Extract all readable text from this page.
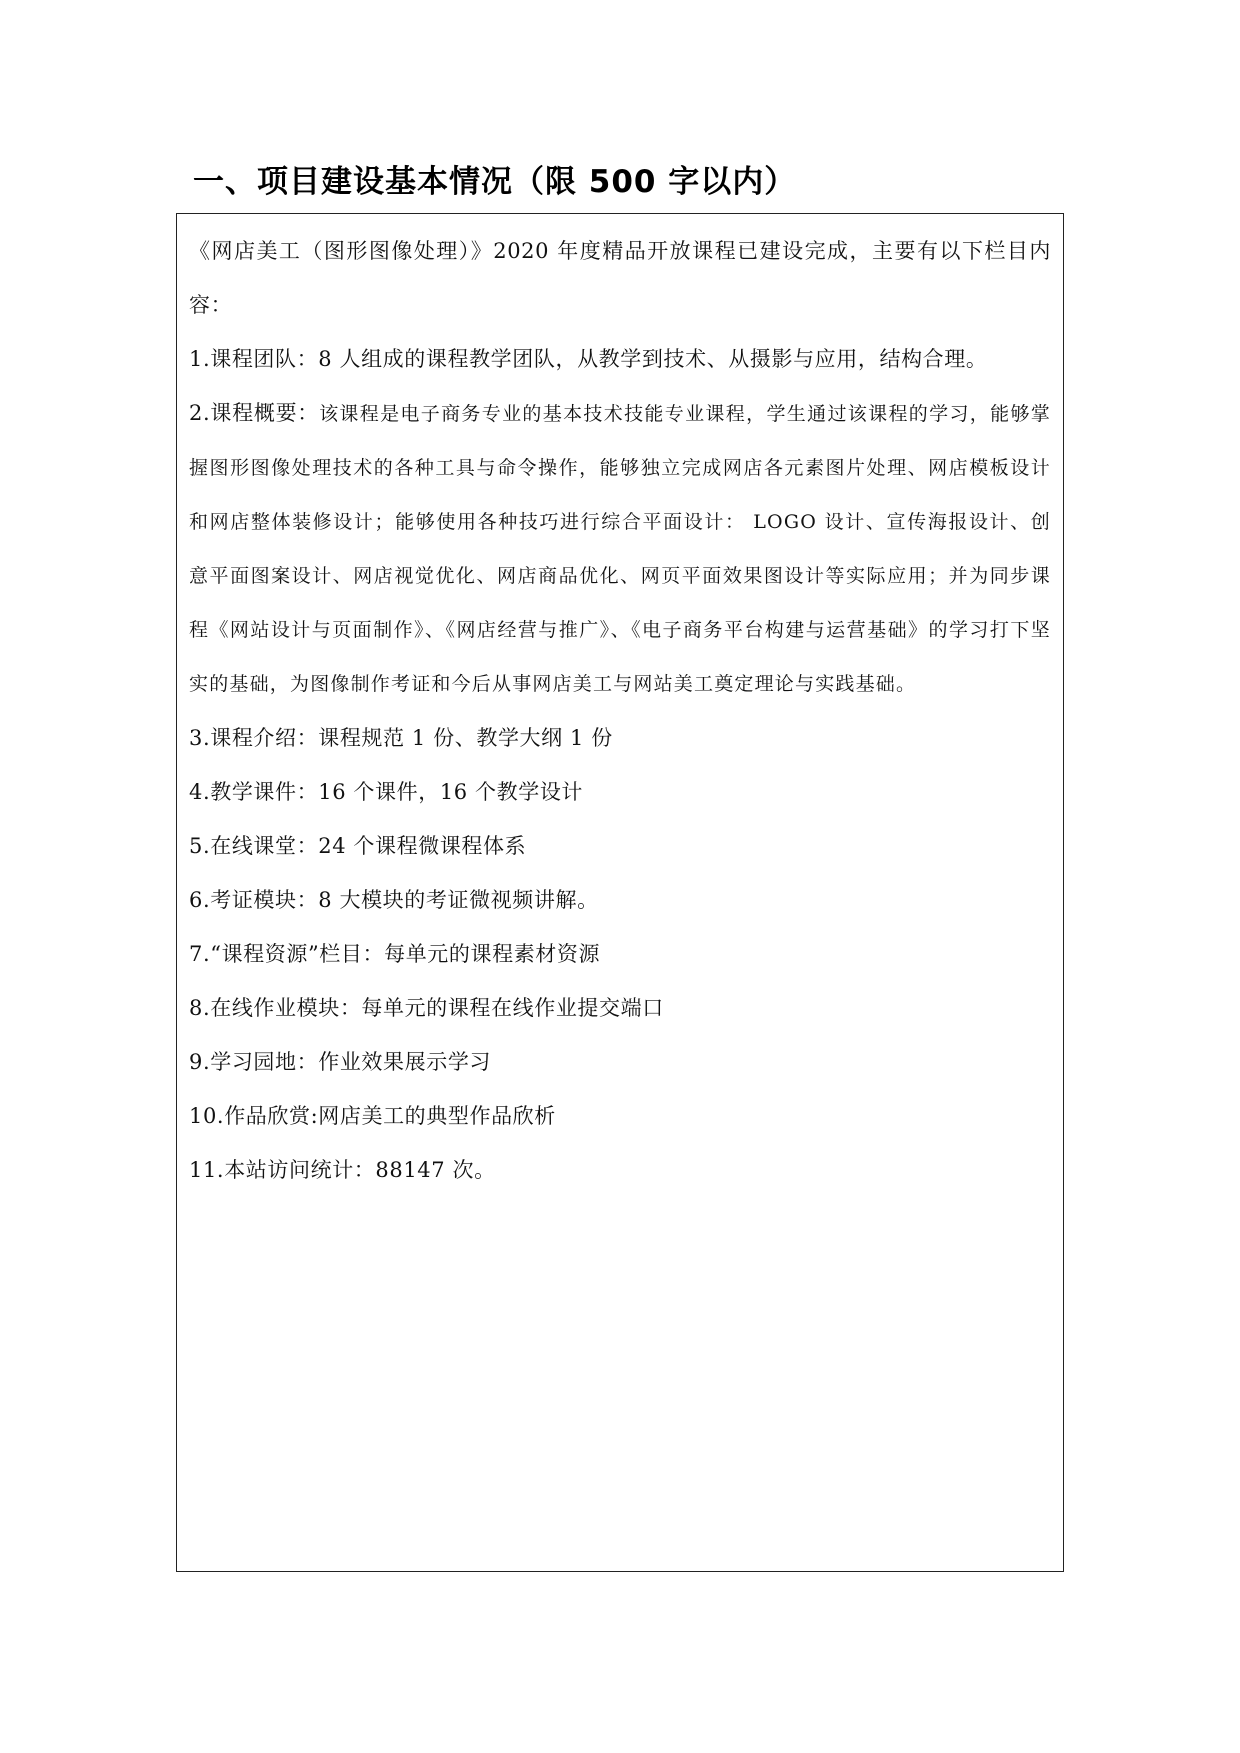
一、项目建设基本情况（限 500 字以内）

《网店美工（图形图像处理）》2020 年度精品开放课程已建设完成，主要有以下栏目内容：

1.课程团队：8 人组成的课程教学团队，从教学到技术、从摄影与应用，结构合理。

2.课程概要：该课程是电子商务专业的基本技术技能专业课程，学生通过该课程的学习，能够掌握图形图像处理技术的各种工具与命令操作，能够独立完成网店各元素图片处理、网店模板设计和网店整体装修设计；能够使用各种技巧进行综合平面设计： LOGO 设计、宣传海报设计、创意平面图案设计、网店视觉优化、网店商品优化、网页平面效果图设计等实际应用；并为同步课程《网站设计与页面制作》、《网店经营与推广》、《电子商务平台构建与运营基础》的学习打下坚实的基础，为图像制作考证和今后从事网店美工与网站美工奠定理论与实践基础。

3.课程介绍：课程规范 1 份、教学大纲 1 份

4.教学课件：16 个课件，16 个教学设计

5.在线课堂：24 个课程微课程体系

6.考证模块：8 大模块的考证微视频讲解。

7.“课程资源”栏目：每单元的课程素材资源

8.在线作业模块：每单元的课程在线作业提交端口

9.学习园地：作业效果展示学习

10.作品欣赏:网店美工的典型作品欣析

11.本站访问统计：88147 次。
